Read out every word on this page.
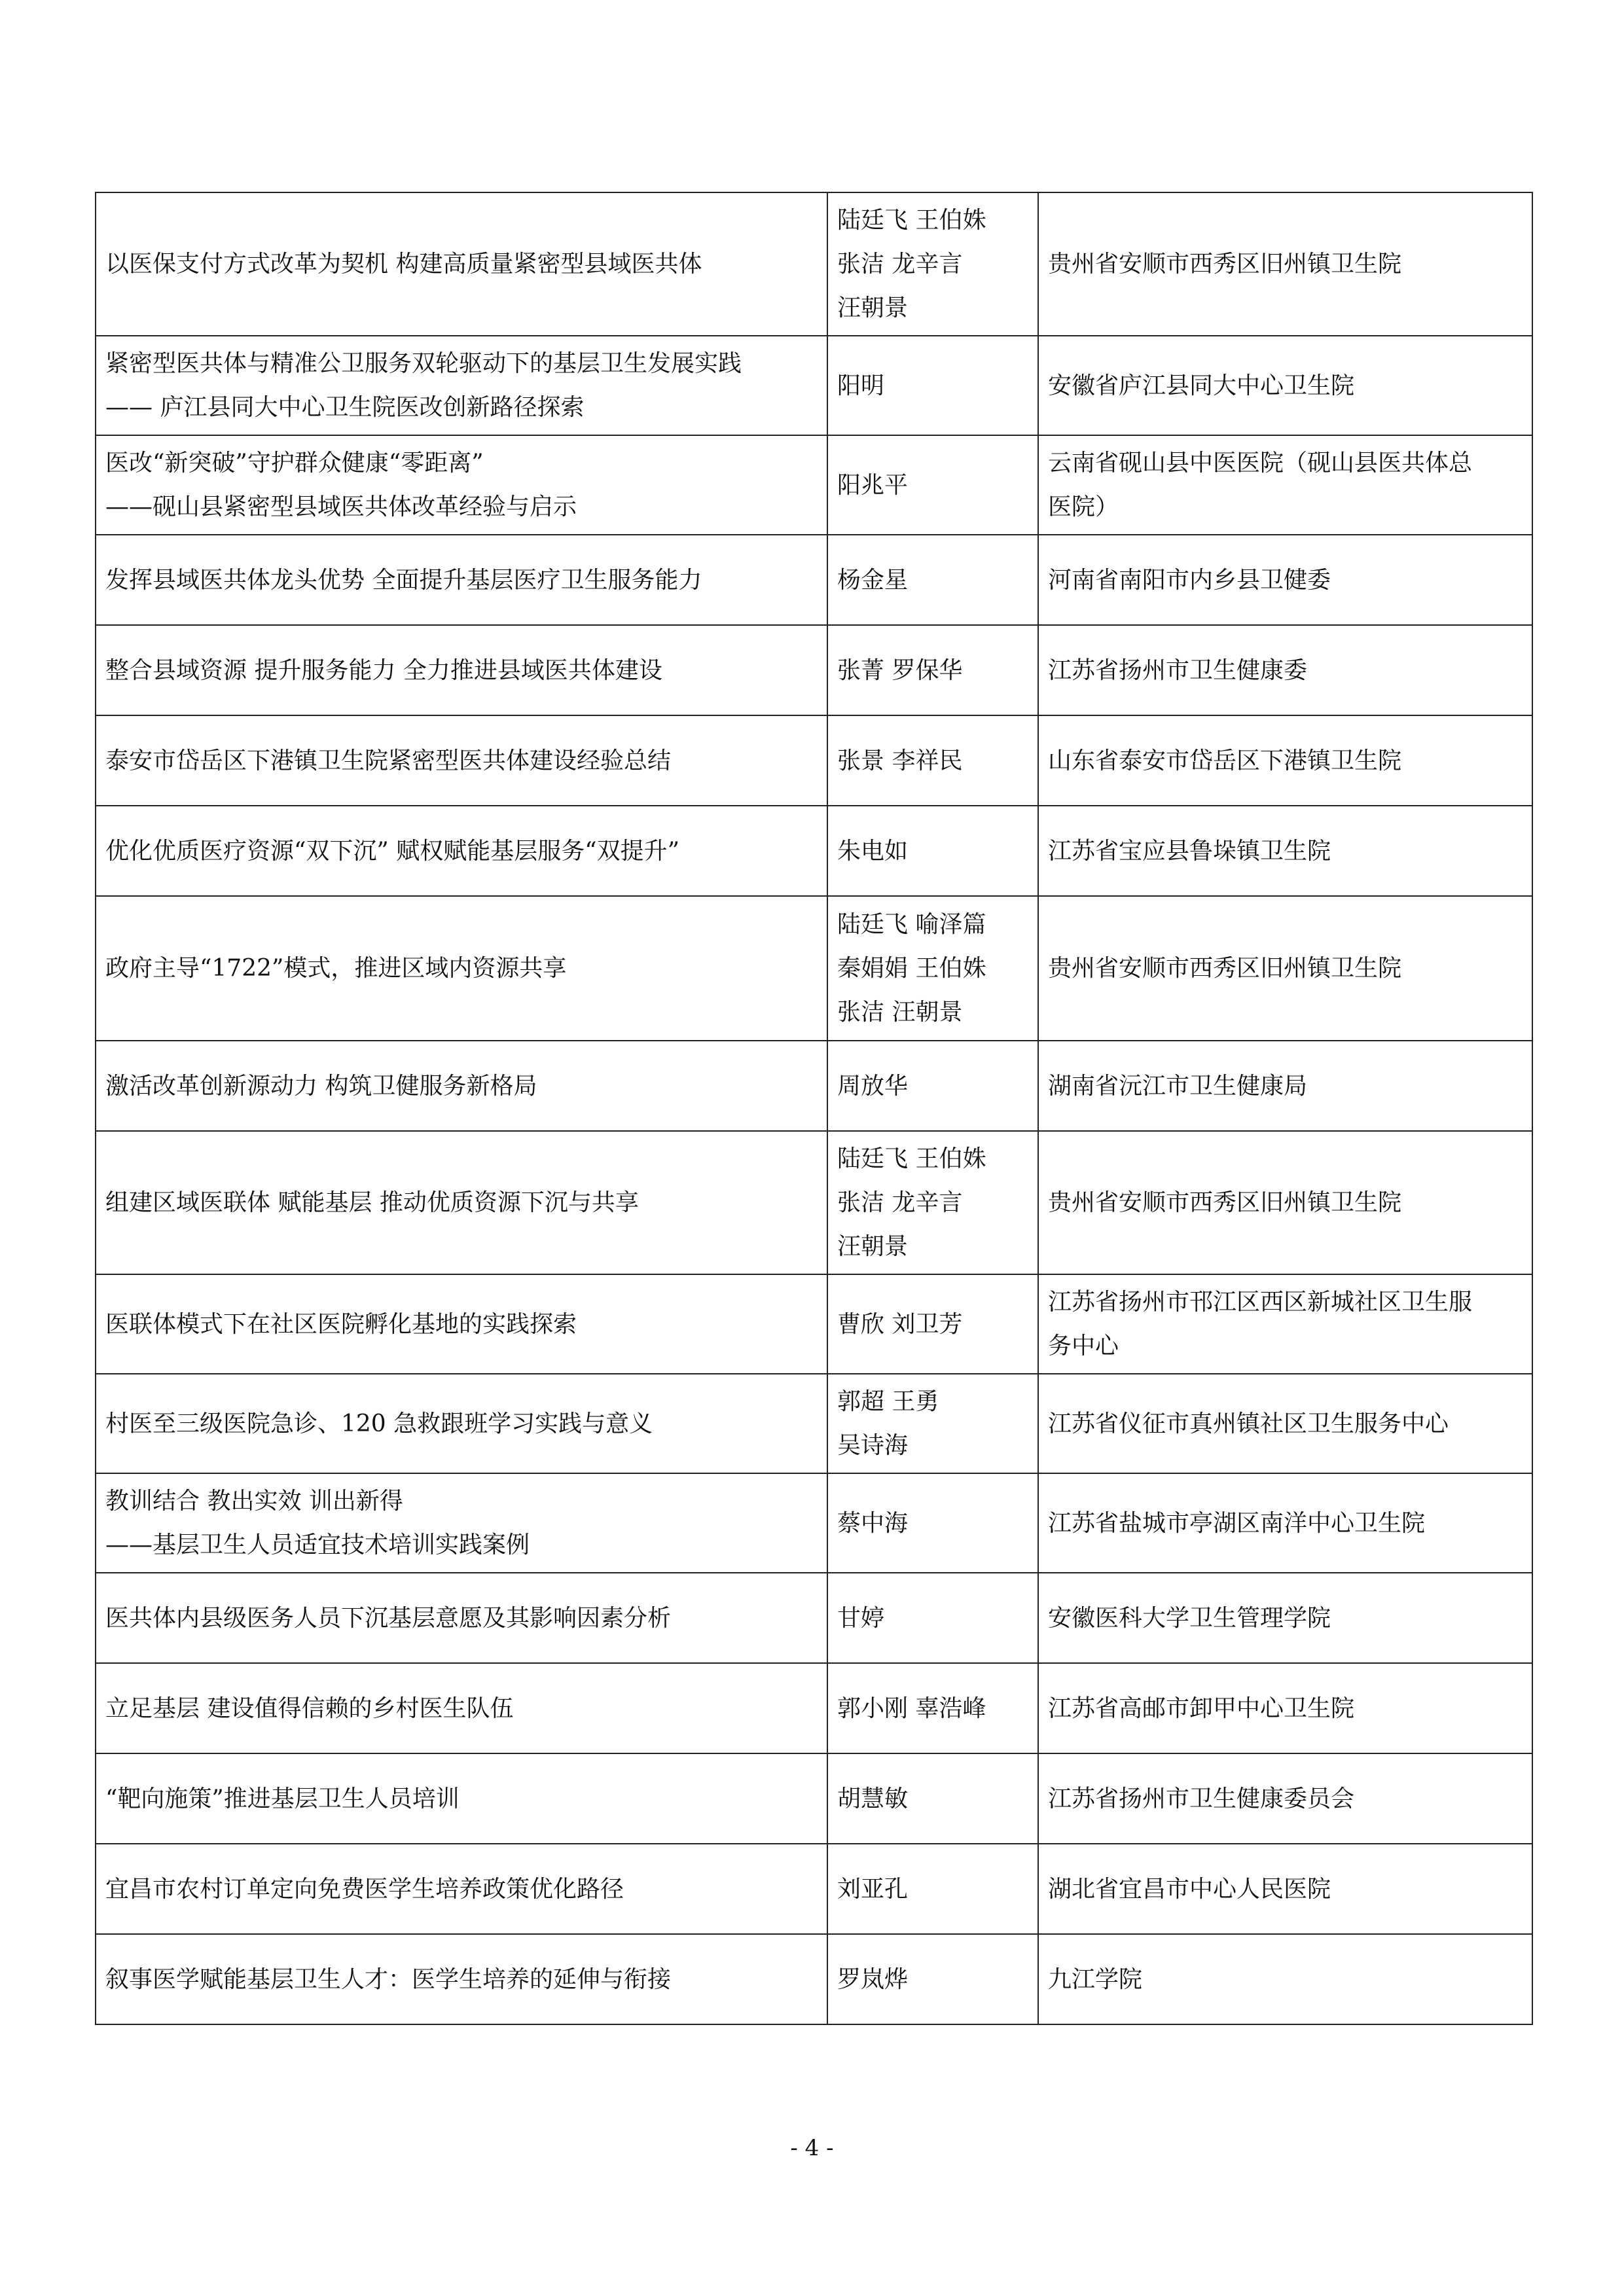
以医保支付方式改革为契机 构建高质量紧密型县域医共体	陆廷飞 王伯姝
张洁 龙辛言
汪朝景	贵州省安顺市西秀区旧州镇卫生院

紧密型医共体与精准公卫服务双轮驱动下的基层卫生发展实践
—— 庐江县同大中心卫生院医改创新路径探索	阳明	安徽省庐江县同大中心卫生院

医改“新突破”守护群众健康“零距离”
——砚山县紧密型县域医共体改革经验与启示	阳兆平	云南省砚山县中医医院（砚山县医共体总
医院）

发挥县域医共体龙头优势 全面提升基层医疗卫生服务能力	杨金星	河南省南阳市内乡县卫健委

整合县域资源 提升服务能力 全力推进县域医共体建设	张菁 罗保华	江苏省扬州市卫生健康委

泰安市岱岳区下港镇卫生院紧密型医共体建设经验总结	张景 李祥民	山东省泰安市岱岳区下港镇卫生院

优化优质医疗资源“双下沉” 赋权赋能基层服务“双提升”	朱电如	江苏省宝应县鲁垛镇卫生院

政府主导“1722”模式，推进区域内资源共享	陆廷飞 喻泽篇
秦娟娟 王伯姝
张洁 汪朝景	贵州省安顺市西秀区旧州镇卫生院

激活改革创新源动力 构筑卫健服务新格局	周放华	湖南省沅江市卫生健康局

组建区域医联体 赋能基层 推动优质资源下沉与共享	陆廷飞 王伯姝
张洁 龙辛言
汪朝景	贵州省安顺市西秀区旧州镇卫生院

医联体模式下在社区医院孵化基地的实践探索	曹欣 刘卫芳	江苏省扬州市邗江区西区新城社区卫生服
务中心

村医至三级医院急诊、120 急救跟班学习实践与意义	郭超 王勇
吴诗海	江苏省仪征市真州镇社区卫生服务中心

教训结合 教出实效 训出新得
——基层卫生人员适宜技术培训实践案例	蔡中海	江苏省盐城市亭湖区南洋中心卫生院

医共体内县级医务人员下沉基层意愿及其影响因素分析	甘婷	安徽医科大学卫生管理学院

立足基层 建设值得信赖的乡村医生队伍	郭小刚 辜浩峰	江苏省高邮市卸甲中心卫生院

“靶向施策”推进基层卫生人员培训	胡慧敏	江苏省扬州市卫生健康委员会

宜昌市农村订单定向免费医学生培养政策优化路径	刘亚孔	湖北省宜昌市中心人民医院

叙事医学赋能基层卫生人才：医学生培养的延伸与衔接	罗岚烨	九江学院
- 4 -
